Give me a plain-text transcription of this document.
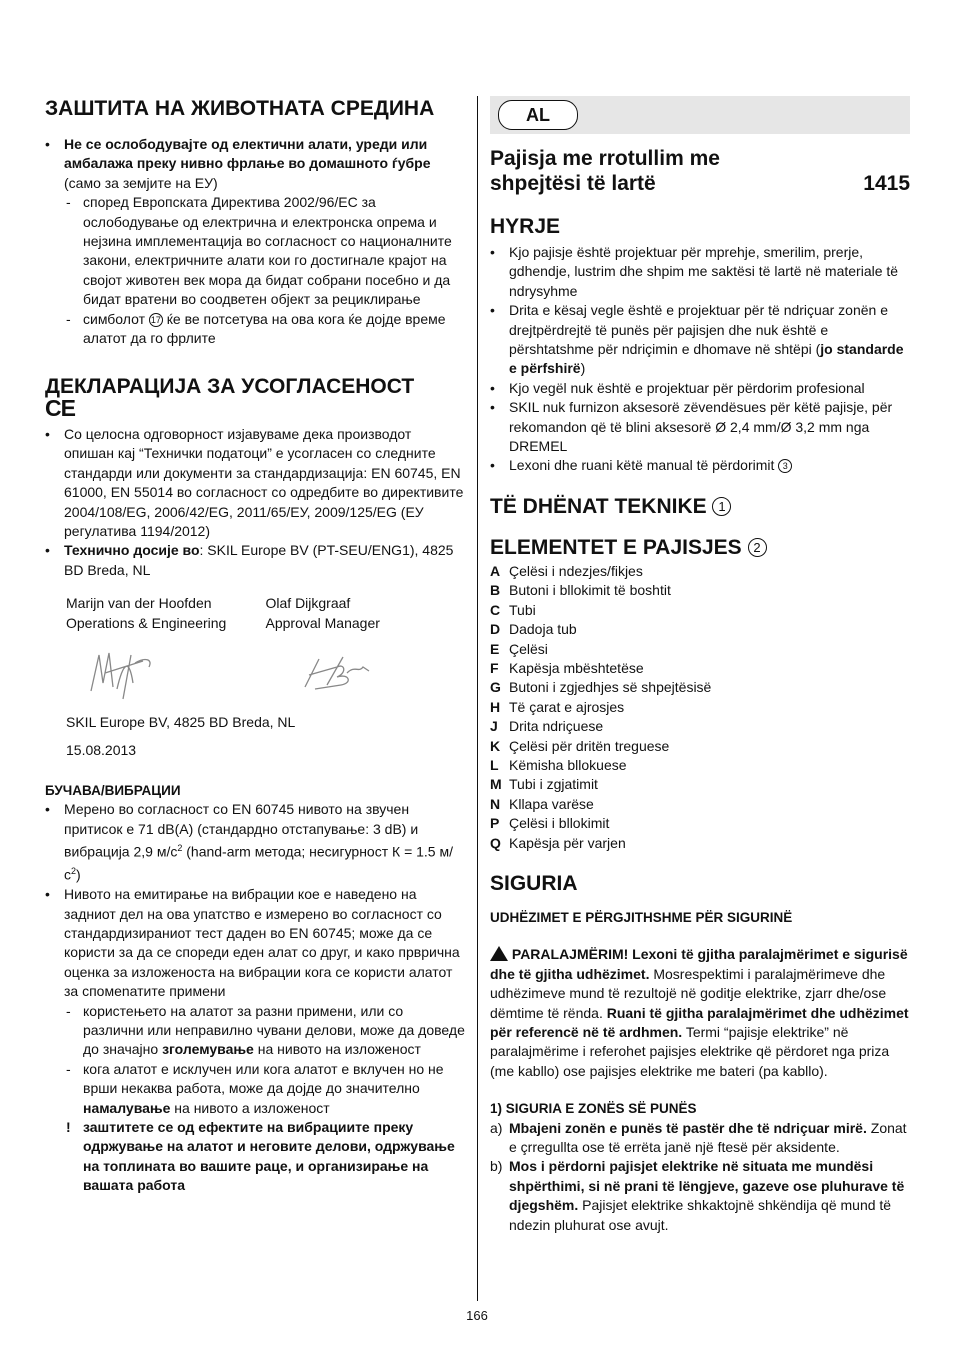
ЗАШТИТА НА ЖИВОТНАТА СРЕДИНА
• Не се ослободувајте од електични алати, уреди или амбалажа преку нивно фрлање во домашното ѓубре (само за земјите на ЕУ)
- според Европската Директива 2002/96/ЕС за ослободување од електрична и електронска опрема и нејзина имплементација во согласност со националните закони, електричните алати кои го достигнале крајот на својот животен век мора да бидат собрани посебно и да бидат вратени во соодветен објект за рециклирање
- симболот 17 ќе ве потсетува на ова кога ќе дојде време алатот да го фрлите
ДЕКЛАРАЦИЈА ЗА УСОГЛАСЕНОСТ
CE
• Со целосна одговорност изјавуваме дека производот опишан кај “Технички податоци” е усогласен со следните стандарди или документи за стандардизација: EN 60745, EN 61000, EN 55014 во согласност со одредбите во директивите 2004/108/EG, 2006/42/EG, 2011/65/ЕУ, 2009/125/EG (ЕУ регулатива 1194/2012)
• Технично досије во: SKIL Europe BV (PT-SEU/ENG1), 4825 BD Breda, NL
Marijn van der Hoofden
Operations & Engineering
Olaf Dijkgraaf
Approval Manager
SKIL Europe BV, 4825 BD Breda, NL
15.08.2013
БУЧАВА/ВИБРАЦИИ
• Мерено во согласност со EN 60745 нивото на звучен притисок е 71 dB(A) (стандардно отстапување: 3 dB) и вибрација 2,9 $м/с^2$ (hand-arm метода; несигурност К = 1.5 $м/с^2$)
• Нивото на емитирање на вибрации кое е наведено на задниот дел на ова упатство е измерено во согласност со стандардизираниот тест даден во EN 60745; може да се користи за да се спореди еден алат со друг, и како прврична оценка за изложеноста на вибрации кога се користи алатот за спомenатите примени
- користењето на алатот за разни примени, или со различни или неправилно чувани делови, може да доведе до значајно зголемување на нивото на изложеност
- кога алатот е исклучен или кога алатот е вклучен но не врши некаква работа, може да дојде до значително намалување на нивото а изложеност
! заштитете се од ефектите на вибрациите преку одржување на алатот и неговите делови, одржување на топлината во вашите раце, и организирање на вашата работа
AL
Pajisja me rrotullim me
shpejtësi të lartë	1415
HYRJE
• Kjo pajisje është projektuar për mprehje, smerilim, prerje, gdhendje, lustrim dhe shpim me saktësi të lartë në materiale të ndrysyhme
• Drita e kësaj vegle është e projektuar për të ndriçuar zonën e drejtpërdrejtë të punës për pajisjen dhe nuk është e përshtatshme për ndriçimin e dhomave në shtëpi (jo standarde e përfshirë)
• Kjo vegël nuk është e projektuar për përdorim profesional
• SKIL nuk furnizon aksesorë zëvendësues për këtë pajisje, për rekomandon që të blini aksesorë Ø 2,4 mm/Ø 3,2 mm nga DREMEL
• Lexoni dhe ruani këtë manual të përdorimit 3
TË DHËNAT TEKNIKE 1
ELEMENTET E PAJISJES 2
A Çelësi i ndezjes/fikjes
B Butoni i bllokimit të boshtit
C Tubi
D Dadoja tub
E Çelësi
F Kapësja mbështetëse
G Butoni i zgjedhjes së shpejtësisë
H Të çarat e ajrosjes
J Drita ndriçuese
K Çelësi për dritën treguese
L Këmisha bllokuese
M Tubi i zgjatimit
N Kllapa varëse
P Çelësi i bllokimit
Q Kapësja për varjen
SIGURIA
UDHËZIMET E PËRGJITHSHME PËR SIGURINË
PARALAJMËRIM! Lexoni të gjitha paralajmërimet e sigurisë dhe të gjitha udhëzimet. Mosrespektimi i paralajmërimeve dhe udhëzimeve mund të rezultojë në goditje elektrike, zjarr dhe/ose dëmtime të rënda. Ruani të gjitha paralajmërimet dhe udhëzimet për referencë në të ardhmen. Termi “pajisje elektrike” në paralajmërime i referohet pajisjes elektrike që përdoret nga priza (me kabllo) ose pajisjes elektrike me bateri (pa kabllo).
1) SIGURIA E ZONËS SË PUNËS
a) Mbajeni zonën e punës të pastër dhe të ndriçuar mirë. Zonat e çrregullta ose të errëta janë një ftesë për aksidente.
b) Mos i përdorni pajisjet elektrike në situata me mundësi shpërthimi, si në prani të lëngjeve, gazeve ose pluhurave të djegshëm. Pajisjet elektrike shkaktojnë shkëndija që mund të ndezin pluhurat ose avujt.
166
